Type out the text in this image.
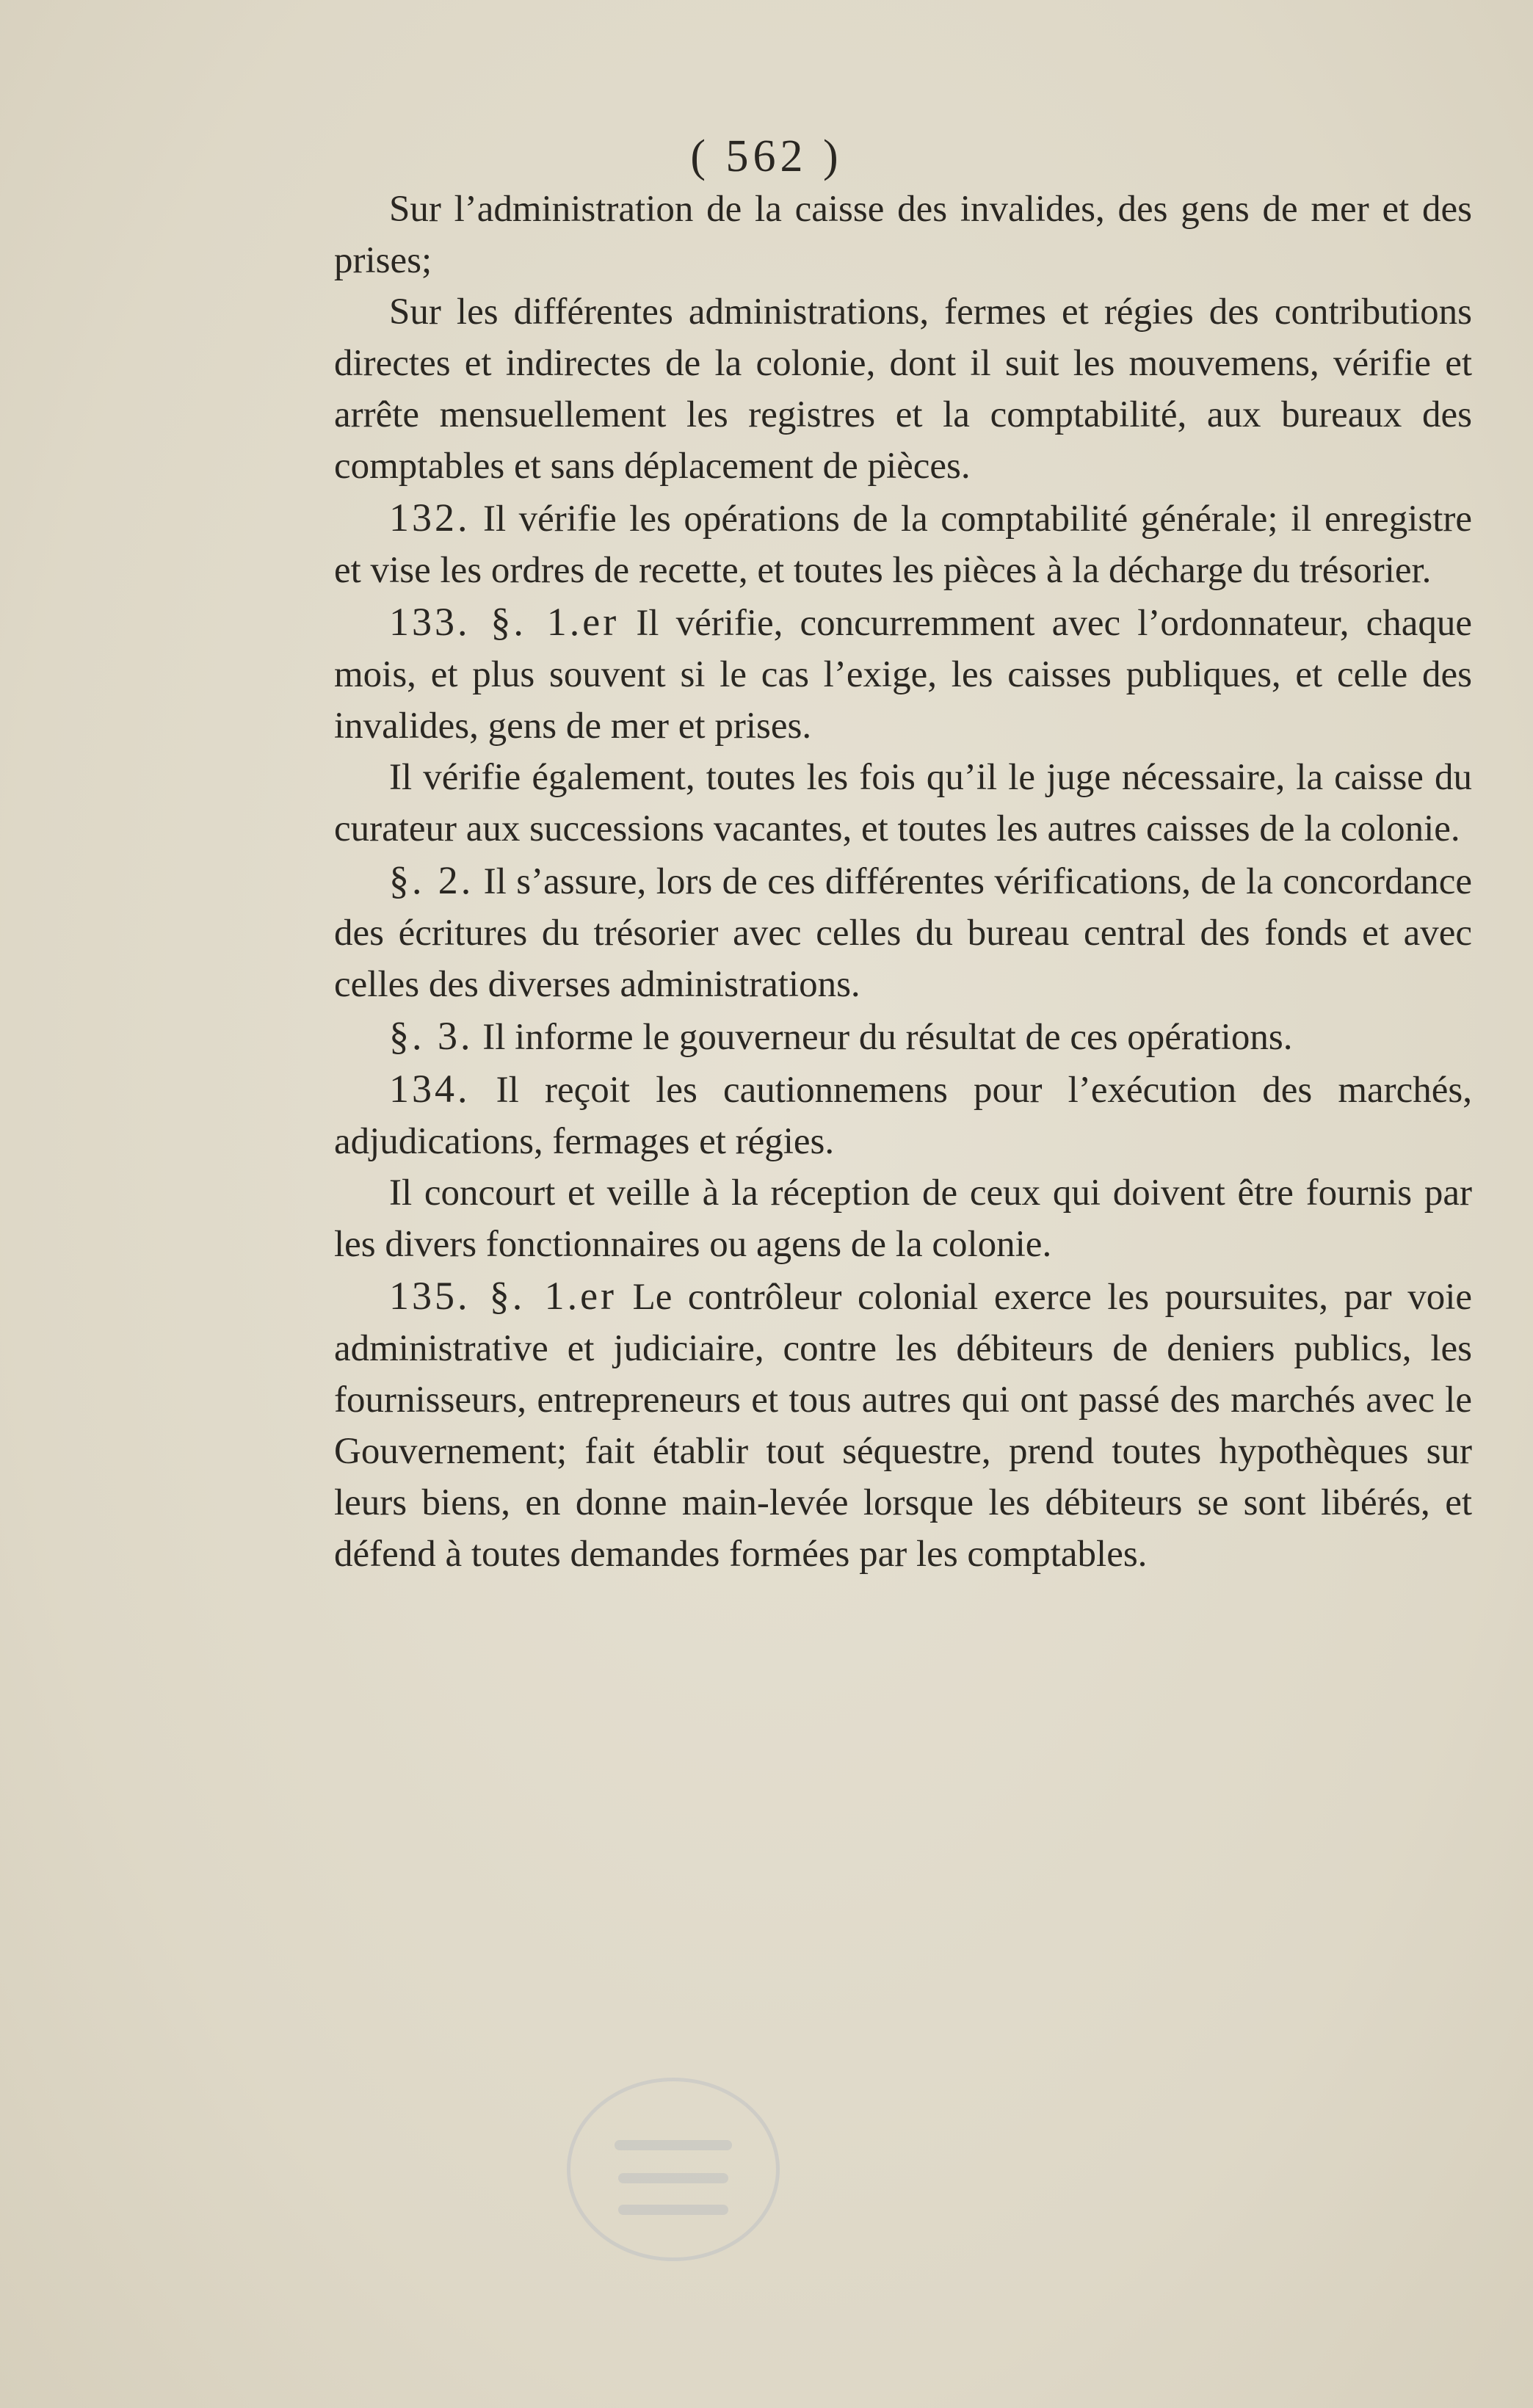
( 562 )

Sur l’administration de la caisse des invalides, des gens de mer et des prises;

Sur les différentes administrations, fermes et régies des contributions directes et indirectes de la colonie, dont il suit les mouvemens, vérifie et arrête mensuellement les registres et la comptabilité, aux bureaux des comptables et sans déplacement de pièces.

132. Il vérifie les opérations de la comptabilité générale; il enregistre et vise les ordres de recette, et toutes les pièces à la décharge du trésorier.

133. §. 1.er Il vérifie, concurremment avec l’ordonnateur, chaque mois, et plus souvent si le cas l’exige, les caisses publiques, et celle des invalides, gens de mer et prises.

Il vérifie également, toutes les fois qu’il le juge nécessaire, la caisse du curateur aux successions vacantes, et toutes les autres caisses de la colonie.

§. 2. Il s’assure, lors de ces différentes vérifications, de la concordance des écritures du trésorier avec celles du bureau central des fonds et avec celles des diverses administrations.

§. 3. Il informe le gouverneur du résultat de ces opérations.

134. Il reçoit les cautionnemens pour l’exécution des marchés, adjudications, fermages et régies.

Il concourt et veille à la réception de ceux qui doivent être fournis par les divers fonctionnaires ou agens de la colonie.

135. §. 1.er Le contrôleur colonial exerce les poursuites, par voie administrative et judiciaire, contre les débiteurs de deniers publics, les fournisseurs, entrepreneurs et tous autres qui ont passé des marchés avec le Gouvernement; fait établir tout séquestre, prend toutes hypothèques sur leurs biens, en donne main-levée lorsque les débiteurs se sont libérés, et défend à toutes demandes formées par les comptables.
